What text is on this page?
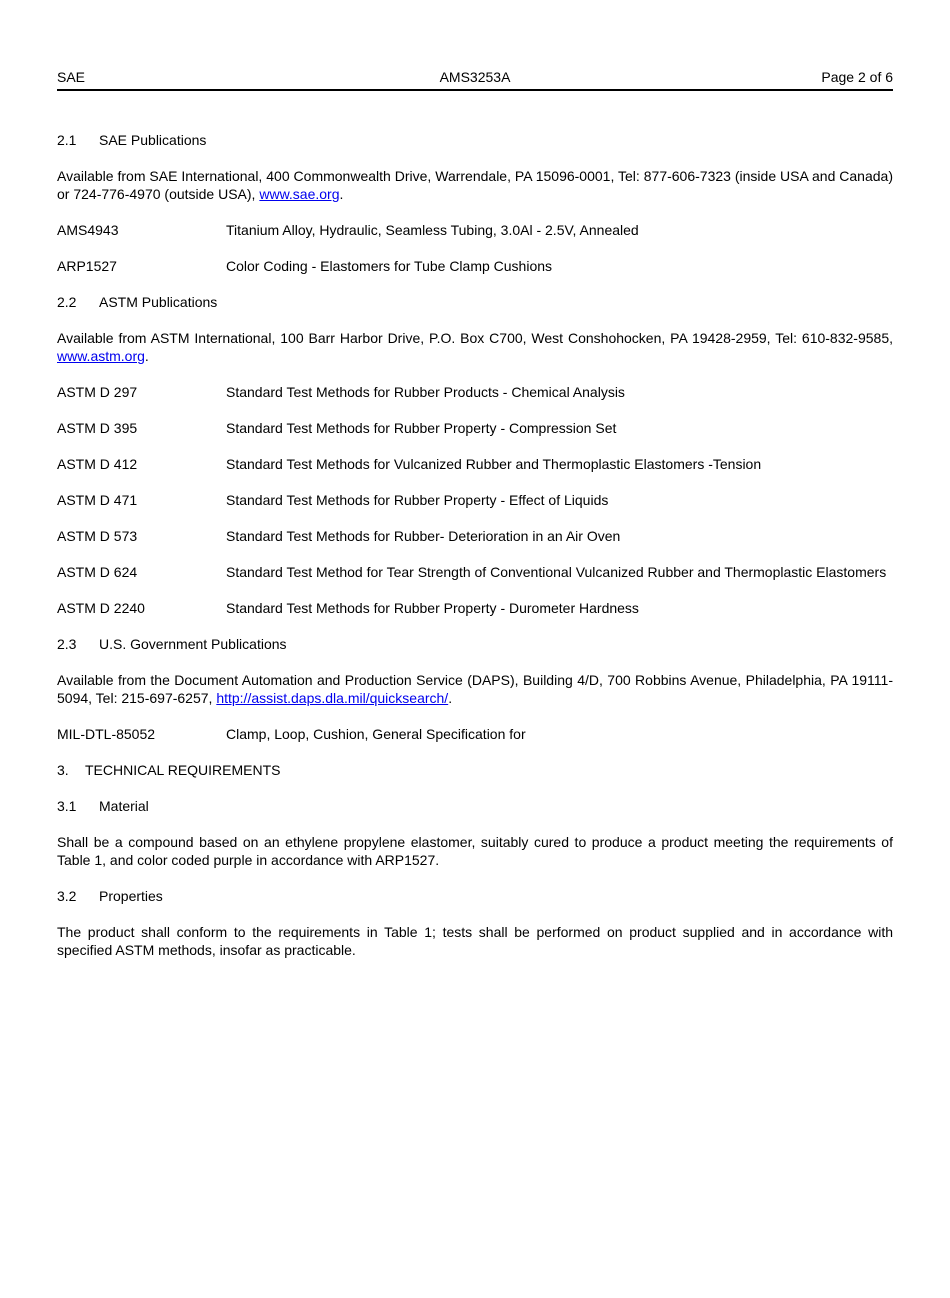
SAE	AMS3253A	Page 2 of 6
2.1 SAE Publications

Available from SAE International, 400 Commonwealth Drive, Warrendale, PA 15096-0001, Tel: 877-606-7323 (inside USA and Canada) or 724-776-4970 (outside USA), www.sae.org.

AMS4943	Titanium Alloy, Hydraulic, Seamless Tubing, 3.0Al - 2.5V, Annealed
ARP1527	Color Coding - Elastomers for Tube Clamp Cushions
2.2 ASTM Publications

Available from ASTM International, 100 Barr Harbor Drive, P.O. Box C700, West Conshohocken, PA 19428-2959, Tel: 610-832-9585, www.astm.org.

ASTM D 297	Standard Test Methods for Rubber Products - Chemical Analysis
ASTM D 395	Standard Test Methods for Rubber Property - Compression Set
ASTM D 412	Standard Test Methods for Vulcanized Rubber and Thermoplastic Elastomers -Tension
ASTM D 471	Standard Test Methods for Rubber Property - Effect of Liquids
ASTM D 573	Standard Test Methods for Rubber- Deterioration in an Air Oven
ASTM D 624	Standard Test Method for Tear Strength of Conventional Vulcanized Rubber and Thermoplastic Elastomers
ASTM D 2240	Standard Test Methods for Rubber Property - Durometer Hardness
2.3 U.S. Government Publications

Available from the Document Automation and Production Service (DAPS), Building 4/D, 700 Robbins Avenue, Philadelphia, PA 19111-5094, Tel: 215-697-6257, http://assist.daps.dla.mil/quicksearch/.

MIL-DTL-85052	Clamp, Loop, Cushion, General Specification for
3. TECHNICAL REQUIREMENTS
3.1 Material

Shall be a compound based on an ethylene propylene elastomer, suitably cured to produce a product meeting the requirements of Table 1, and color coded purple in accordance with ARP1527.

3.2 Properties

The product shall conform to the requirements in Table 1; tests shall be performed on product supplied and in accordance with specified ASTM methods, insofar as practicable.
